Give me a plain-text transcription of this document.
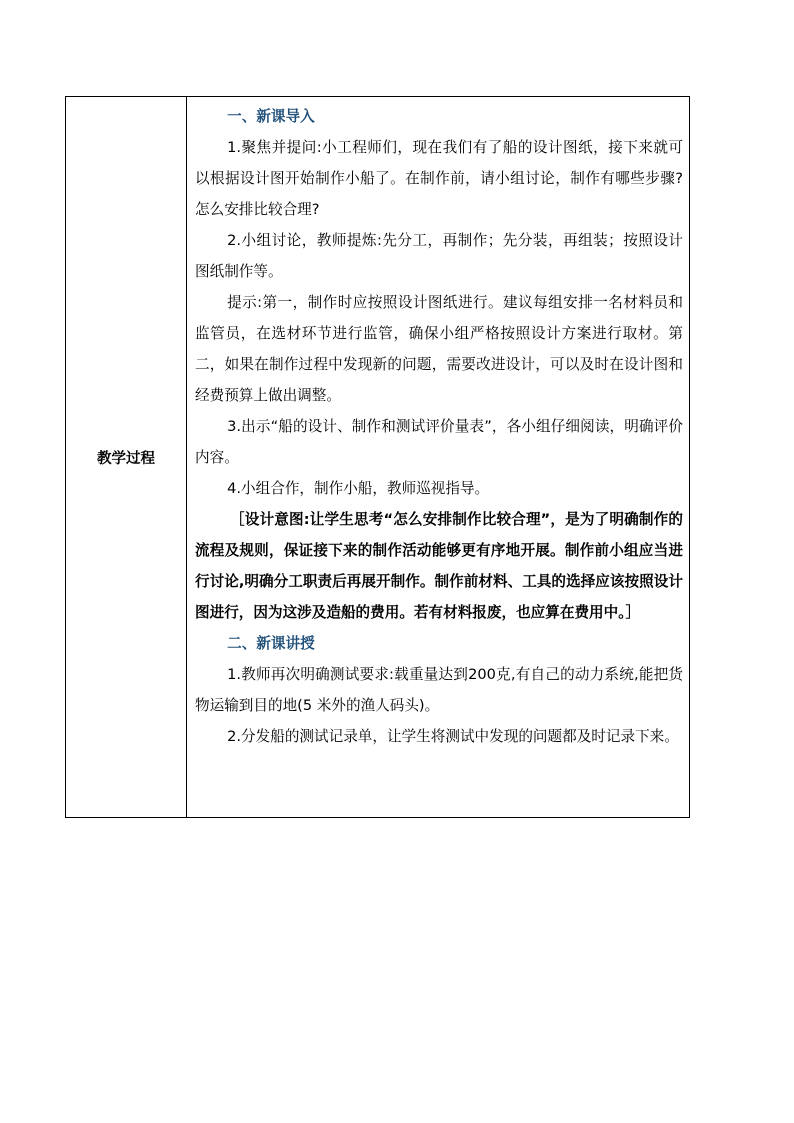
教学过程	

一、新课导入

1.聚焦并提问:小工程师们，现在我们有了船的设计图纸，接下来就可以根据设计图开始制作小船了。在制作前，请小组讨论，制作有哪些步骤?怎么安排比较合理?

2.小组讨论，教师提炼:先分工，再制作；先分装，再组装；按照设计图纸制作等。

提示:第一，制作时应按照设计图纸进行。建议每组安排一名材料员和监管员，在选材环节进行监管，确保小组严格按照设计方案进行取材。第二，如果在制作过程中发现新的问题，需要改进设计，可以及时在设计图和经费预算上做出调整。

3.出示“船的设计、制作和测试评价量表”，各小组仔细阅读，明确评价内容。

4.小组合作，制作小船，教师巡视指导。

［设计意图:让学生思考“怎么安排制作比较合理”，是为了明确制作的流程及规则，保证接下来的制作活动能够更有序地开展。制作前小组应当进行讨论,明确分工职责后再展开制作。制作前材料、工具的选择应该按照设计图进行，因为这涉及造船的费用。若有材料报废，也应算在费用中。］

二、新课讲授

1.教师再次明确测试要求:载重量达到200克,有自己的动力系统,能把货物运输到目的地(5 米外的渔人码头)。

2.分发船的测试记录单，让学生将测试中发现的问题都及时记录下来。
